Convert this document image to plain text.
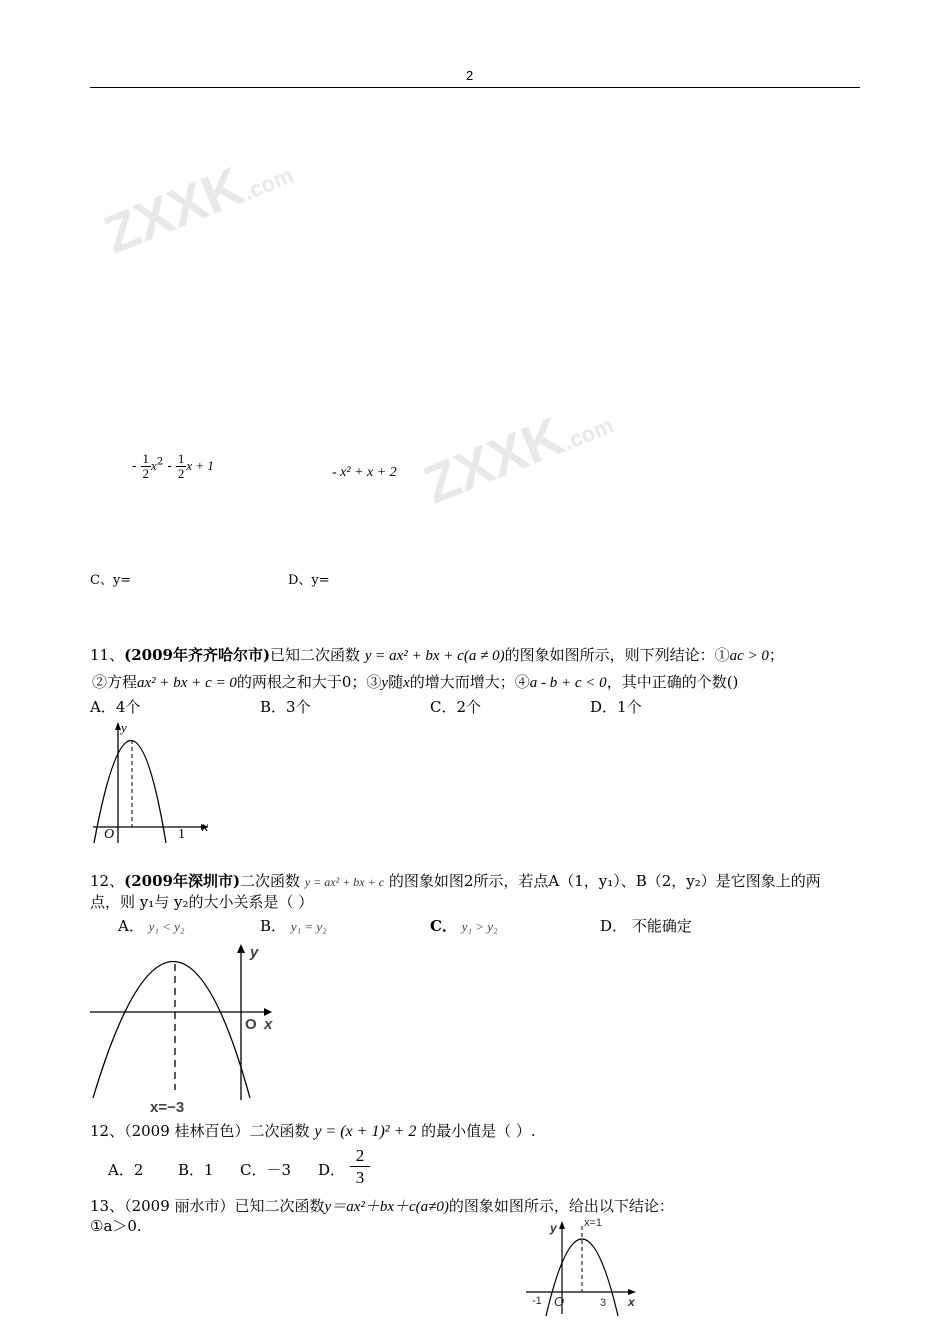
2
ZXXK.com
ZXXK.com
- $\frac{1}{2} x^2 - \frac{1}{2}$ x + 1	- x² + x + 2
C、y=	D、y=
11、(2009年齐齐哈尔市)已知二次函数 y = ax² + bx + c(a ≠ 0)的图象如图所示，则下列结论：①ac > 0；
②方程ax² + bx + c = 0的两根之和大于0；③y随x的增大而增大；④a - b + c < 0，其中正确的个数()
A．4个	B．3个	C．2个	D．1个
y
x
O	1
12、(2009年深圳市)二次函数 y = ax² + bx + c 的图象如图2所示，若点A（1，y₁）、B（2，y₂）是它图象上的两
点，则 y₁与 y₂的大小关系是（ ）
A． y₁ < y₂	B． y₁ = y₂	C． y₁ > y₂	D． 不能确定
y
O x
x=−3
12、（2009 桂林百色）二次函数 y = (x + 1)² + 2 的最小值是（ ）.
A．2 B．1 C．－3 D． $\frac{2}{3}$
13、（2009 丽水市）已知二次函数y＝ax²＋bx＋c(a≠0)的图象如图所示，给出以下结论：
①a＞0.	y x=1
x
O
-1	3
